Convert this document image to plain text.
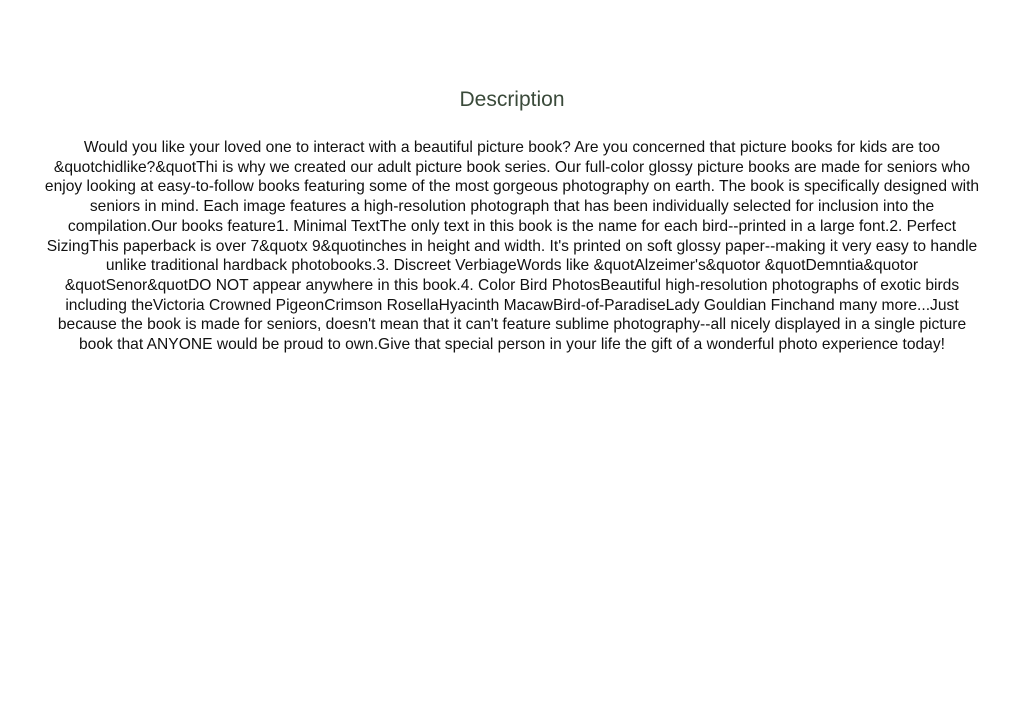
Description

Would you like your loved one to interact with a beautiful picture book? Are you concerned that picture books for kids are too &quotchidlike?&quotThi is why we created our adult picture book series. Our full-color glossy picture books are made for seniors who enjoy looking at easy-to-follow books featuring some of the most gorgeous photography on earth. The book is specifically designed with seniors in mind. Each image features a high-resolution photograph that has been individually selected for inclusion into the compilation.Our books feature1. Minimal TextThe only text in this book is the name for each bird--printed in a large font.2. Perfect SizingThis paperback is over 7&quotx 9&quotinches in height and width. It's printed on soft glossy paper--making it very easy to handle unlike traditional hardback photobooks.3. Discreet VerbiageWords like &quotAlzeimer's&quotor &quotDemntia&quotor &quotSenor&quotDO NOT appear anywhere in this book.4. Color Bird PhotosBeautiful high-resolution photographs of exotic birds including theVictoria Crowned PigeonCrimson RosellaHyacinth MacawBird-of-ParadiseLady Gouldian Finchand many more...Just because the book is made for seniors, doesn't mean that it can't feature sublime photography--all nicely displayed in a single picture book that ANYONE would be proud to own.Give that special person in your life the gift of a wonderful photo experience today!
